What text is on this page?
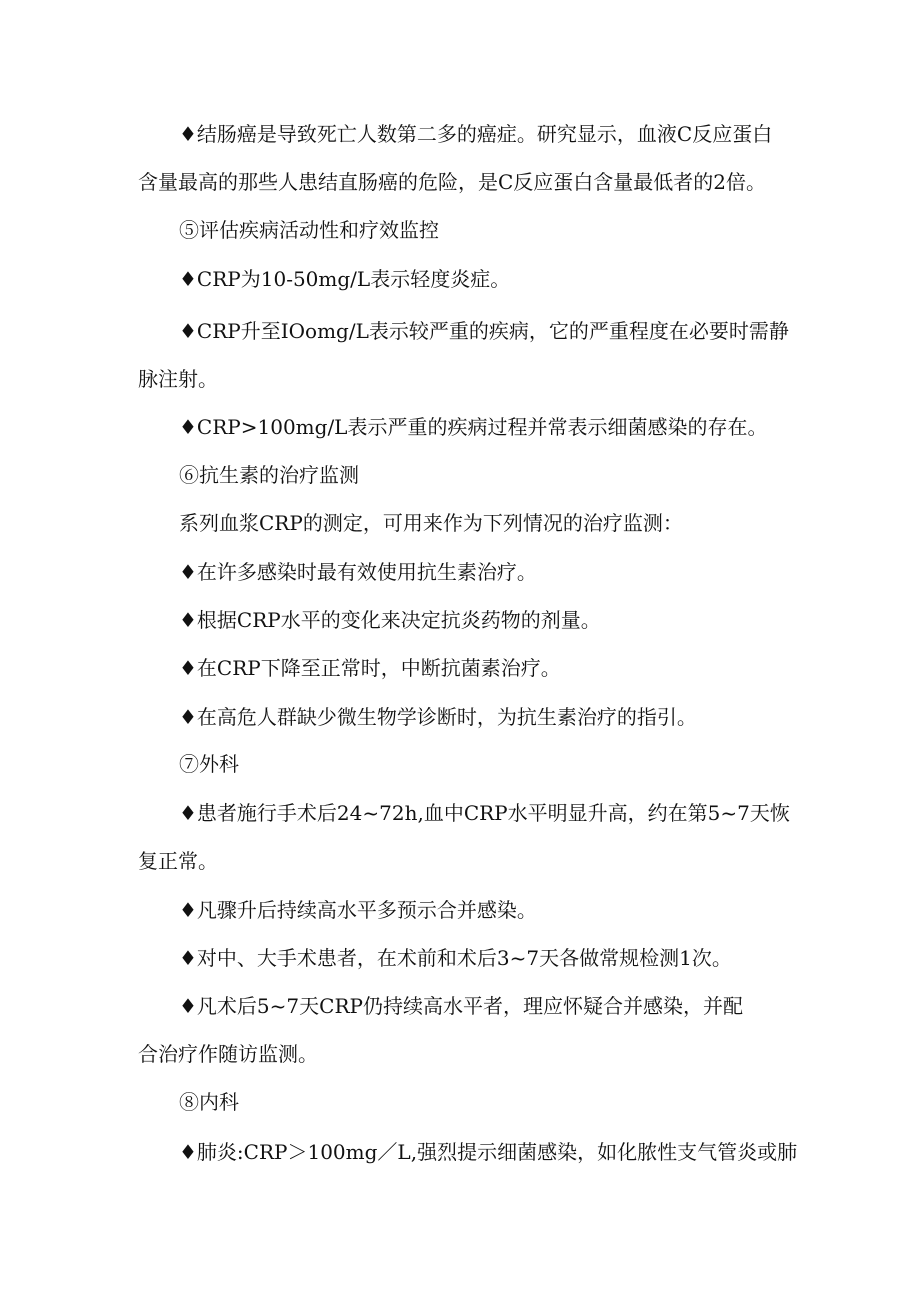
♦结肠癌是导致死亡人数第二多的癌症。研究显示，血液C反应蛋白
含量最高的那些人患结直肠癌的危险，是C反应蛋白含量最低者的2倍。
⑤评估疾病活动性和疗效监控
♦CRP为10-50mg/L表示轻度炎症。
♦CRP升至IOomg/L表示较严重的疾病，它的严重程度在必要时需静
脉注射。
♦CRP>100mg/L表示严重的疾病过程并常表示细菌感染的存在。
⑥抗生素的治疗监测
系列血浆CRP的测定，可用来作为下列情况的治疗监测：
♦在许多感染时最有效使用抗生素治疗。
♦根据CRP水平的变化来决定抗炎药物的剂量。
♦在CRP下降至正常时，中断抗菌素治疗。
♦在高危人群缺少微生物学诊断时，为抗生素治疗的指引。
⑦外科
♦患者施行手术后24~72h,血中CRP水平明显升高，约在第5~7天恢
复正常。
♦凡骤升后持续高水平多预示合并感染。
♦对中、大手术患者，在术前和术后3~7天各做常规检测1次。
♦凡术后5~7天CRP仍持续高水平者，理应怀疑合并感染，并配
合治疗作随访监测。
⑧内科
♦肺炎:CRP＞100mg／L,强烈提示细菌感染，如化脓性支气管炎或肺
